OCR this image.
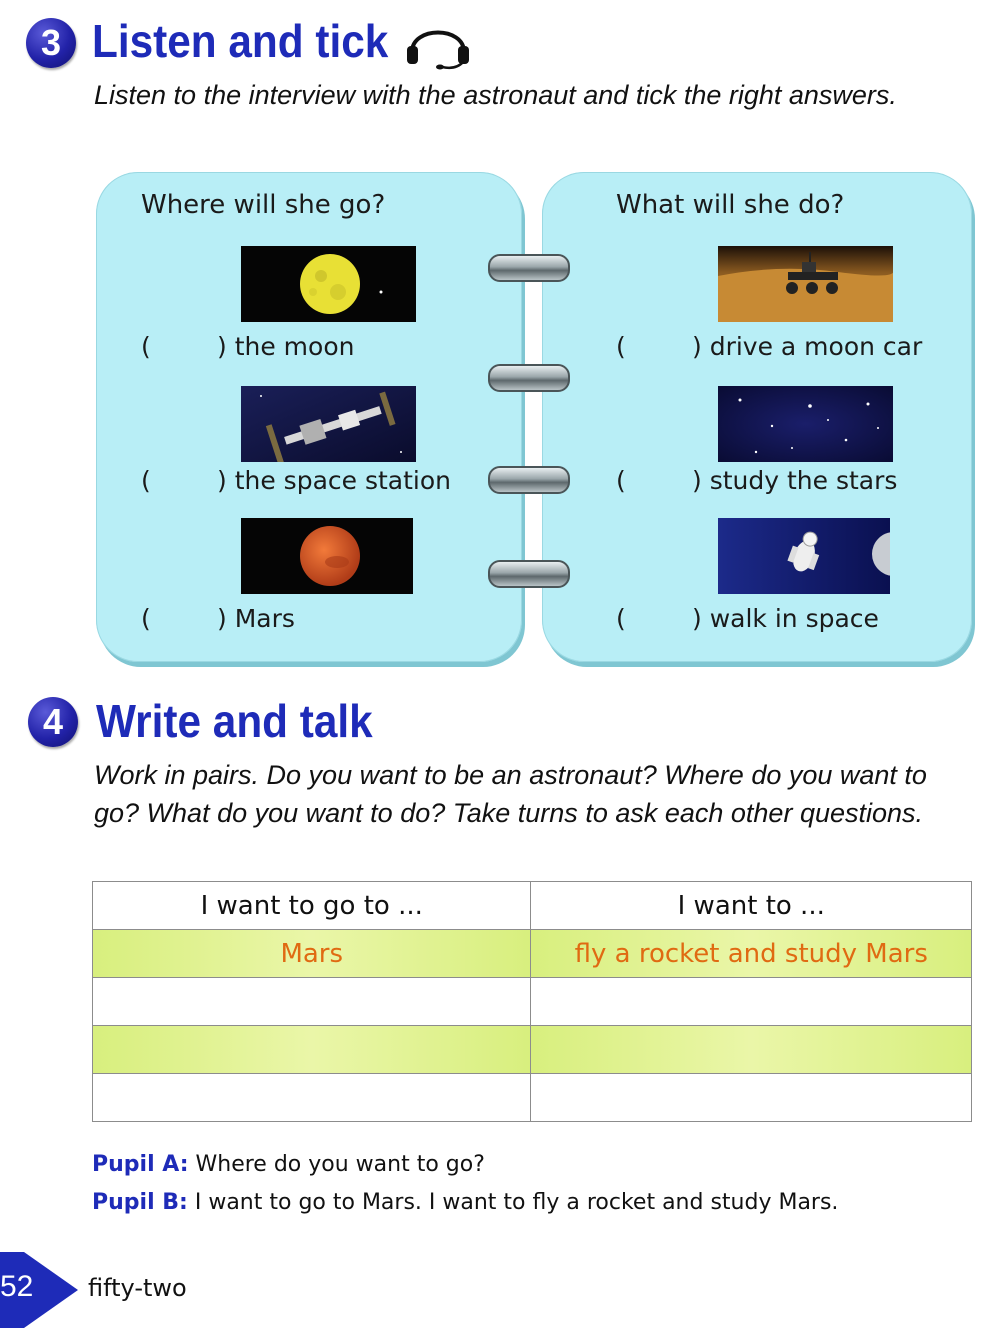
3 Listen and tick
Listen to the interview with the astronaut and tick the right answers.
Where will she go?
(	) the moon
(	) the space station
(	) Mars
What will she do?
(	) drive a moon car
(	) study the stars
(	) walk in space
4 Write and talk
Work in pairs. Do you want to be an astronaut? Where do you want to go? What do you want to do? Take turns to ask each other questions.
I want to go to ...	I want to ...
Mars	fly a rocket and study Mars

Pupil A: Where do you want to go?
Pupil B: I want to go to Mars. I want to fly a rocket and study Mars.
52	fifty-two
